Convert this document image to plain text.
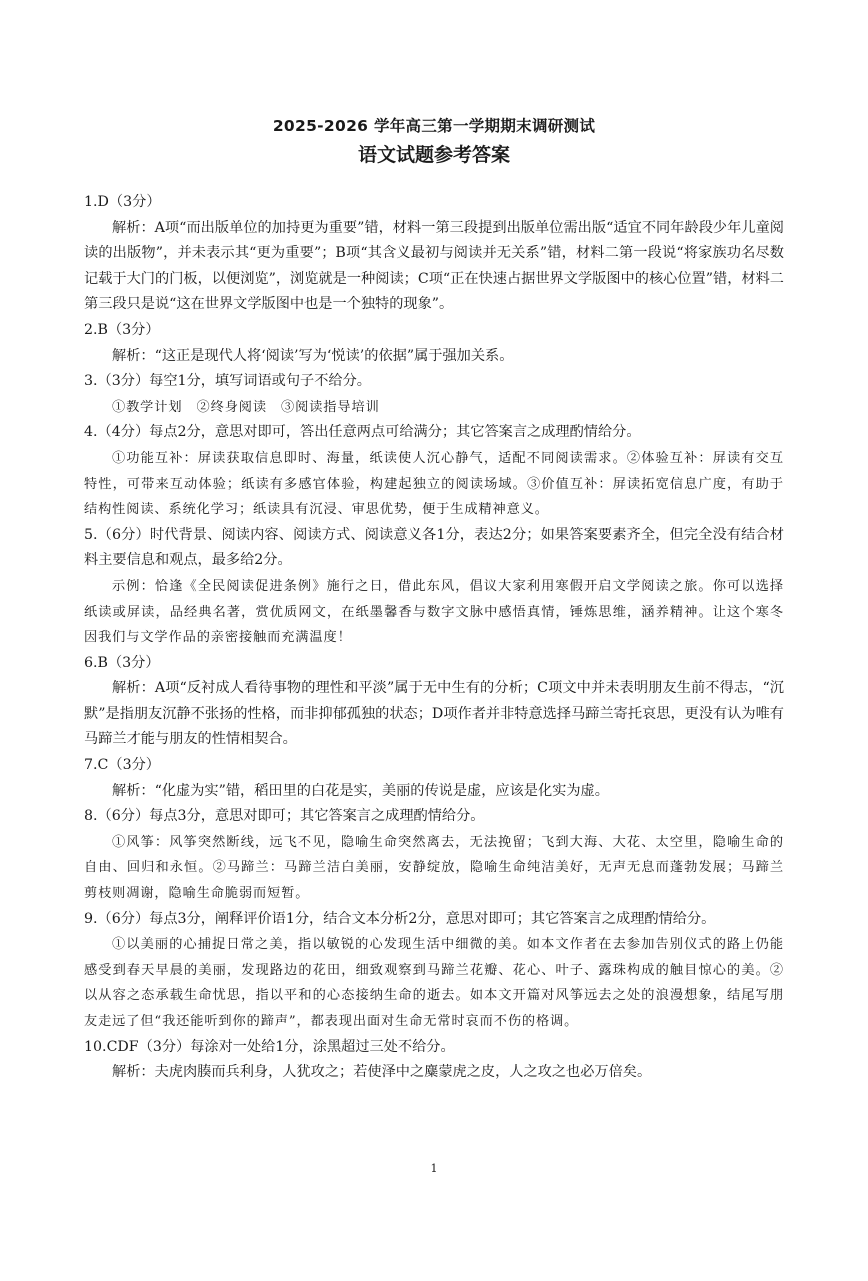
2025-2026 学年高三第一学期期末调研测试
语文试题参考答案

1.D（3分）

解析：A项“而出版单位的加持更为重要”错，材料一第三段提到出版单位需出版“适宜不同年龄段少年儿童阅读的出版物”，并未表示其“更为重要”；B项“其含义最初与阅读并无关系”错，材料二第一段说“将家族功名尽数记载于大门的门板，以便浏览”，浏览就是一种阅读；C项“正在快速占据世界文学版图中的核心位置”错，材料二第三段只是说“这在世界文学版图中也是一个独特的现象”。

2.B（3分）

解析：“这正是现代人将‘阅读’写为‘悦读’的依据”属于强加关系。

3.（3分）每空1分，填写词语或句子不给分。

①教学计划　②终身阅读　③阅读指导培训

4.（4分）每点2分，意思对即可，答出任意两点可给满分；其它答案言之成理酌情给分。

①功能互补：屏读获取信息即时、海量，纸读使人沉心静气，适配不同阅读需求。②体验互补：屏读有交互特性，可带来互动体验；纸读有多感官体验，构建起独立的阅读场域。③价值互补：屏读拓宽信息广度，有助于结构性阅读、系统化学习；纸读具有沉浸、审思优势，便于生成精神意义。

5.（6分）时代背景、阅读内容、阅读方式、阅读意义各1分，表达2分；如果答案要素齐全，但完全没有结合材料主要信息和观点，最多给2分。

示例：恰逢《全民阅读促进条例》施行之日，借此东风，倡议大家利用寒假开启文学阅读之旅。你可以选择纸读或屏读，品经典名著，赏优质网文，在纸墨馨香与数字文脉中感悟真情，锤炼思维，涵养精神。让这个寒冬因我们与文学作品的亲密接触而充满温度！

6.B（3分）

解析：A项“反衬成人看待事物的理性和平淡”属于无中生有的分析；C项文中并未表明朋友生前不得志，“沉默”是指朋友沉静不张扬的性格，而非抑郁孤独的状态；D项作者并非特意选择马蹄兰寄托哀思，更没有认为唯有马蹄兰才能与朋友的性情相契合。

7.C（3分）

解析：“化虚为实”错，稻田里的白花是实，美丽的传说是虚，应该是化实为虚。

8.（6分）每点3分，意思对即可；其它答案言之成理酌情给分。

①风筝：风筝突然断线，远飞不见，隐喻生命突然离去，无法挽留；飞到大海、大花、太空里，隐喻生命的自由、回归和永恒。②马蹄兰：马蹄兰洁白美丽，安静绽放，隐喻生命纯洁美好，无声无息而蓬勃发展；马蹄兰剪枝则凋谢，隐喻生命脆弱而短暂。

9.（6分）每点3分，阐释评价语1分，结合文本分析2分，意思对即可；其它答案言之成理酌情给分。

①以美丽的心捕捉日常之美，指以敏锐的心发现生活中细微的美。如本文作者在去参加告别仪式的路上仍能感受到春天早晨的美丽，发现路边的花田，细致观察到马蹄兰花瓣、花心、叶子、露珠构成的触目惊心的美。②以从容之态承载生命忧思，指以平和的心态接纳生命的逝去。如本文开篇对风筝远去之处的浪漫想象，结尾写朋友走远了但“我还能听到你的蹄声”，都表现出面对生命无常时哀而不伤的格调。

10.CDF（3分）每涂对一处给1分，涂黑超过三处不给分。

解析：夫虎肉腠而兵利身，人犹攻之；若使泽中之麋蒙虎之皮，人之攻之也必万倍矣。

1
